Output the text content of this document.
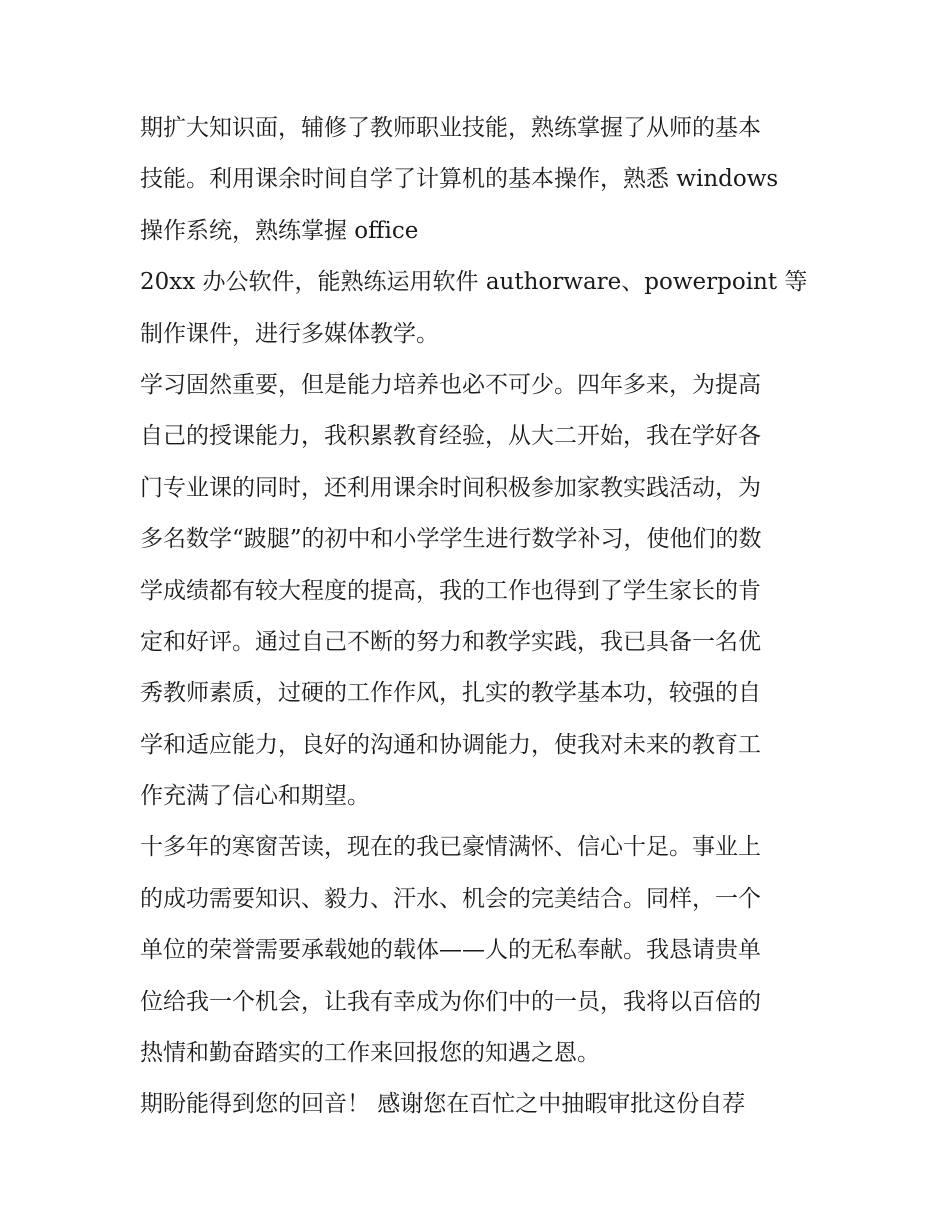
期扩大知识面，辅修了教师职业技能，熟练掌握了从师的基本
技能。利用课余时间自学了计算机的基本操作，熟悉 windows
操作系统，熟练掌握 office
20xx 办公软件，能熟练运用软件 authorware、powerpoint 等
制作课件，进行多媒体教学。
学习固然重要，但是能力培养也必不可少。四年多来，为提高
自己的授课能力，我积累教育经验，从大二开始，我在学好各
门专业课的同时，还利用课余时间积极参加家教实践活动，为
多名数学“跛腿”的初中和小学学生进行数学补习，使他们的数
学成绩都有较大程度的提高，我的工作也得到了学生家长的肯
定和好评。通过自己不断的努力和教学实践，我已具备一名优
秀教师素质，过硬的工作作风，扎实的教学基本功，较强的自
学和适应能力，良好的沟通和协调能力，使我对未来的教育工
作充满了信心和期望。
十多年的寒窗苦读，现在的我已豪情满怀、信心十足。事业上
的成功需要知识、毅力、汗水、机会的完美结合。同样，一个
单位的荣誉需要承载她的载体——人的无私奉献。我恳请贵单
位给我一个机会，让我有幸成为你们中的一员，我将以百倍的
热情和勤奋踏实的工作来回报您的知遇之恩。
期盼能得到您的回音！ 感谢您在百忙之中抽暇审批这份自荐
